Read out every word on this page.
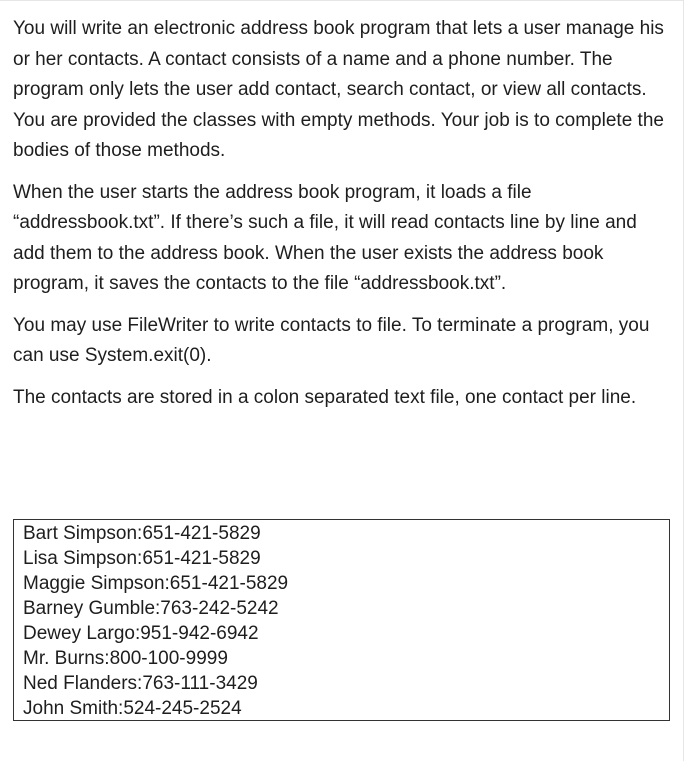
You will write an electronic address book program that lets a user manage his or her contacts. A contact consists of a name and a phone number. The program only lets the user add contact, search contact, or view all contacts.

You are provided the classes with empty methods. Your job is to complete the bodies of those methods.

When the user starts the address book program, it loads a file “addressbook.txt”. If there’s such a file, it will read contacts line by line and add them to the address book. When the user exists the address book program, it saves the contacts to the file “addressbook.txt”.

You may use FileWriter to write contacts to file. To terminate a program, you can use System.exit(0).

The contacts are stored in a colon separated text file, one contact per line.

Bart Simpson:651-421-5829
Lisa Simpson:651-421-5829
Maggie Simpson:651-421-5829
Barney Gumble:763-242-5242
Dewey Largo:951-942-6942
Mr. Burns:800-100-9999
Ned Flanders:763-111-3429
John Smith:524-245-2524
